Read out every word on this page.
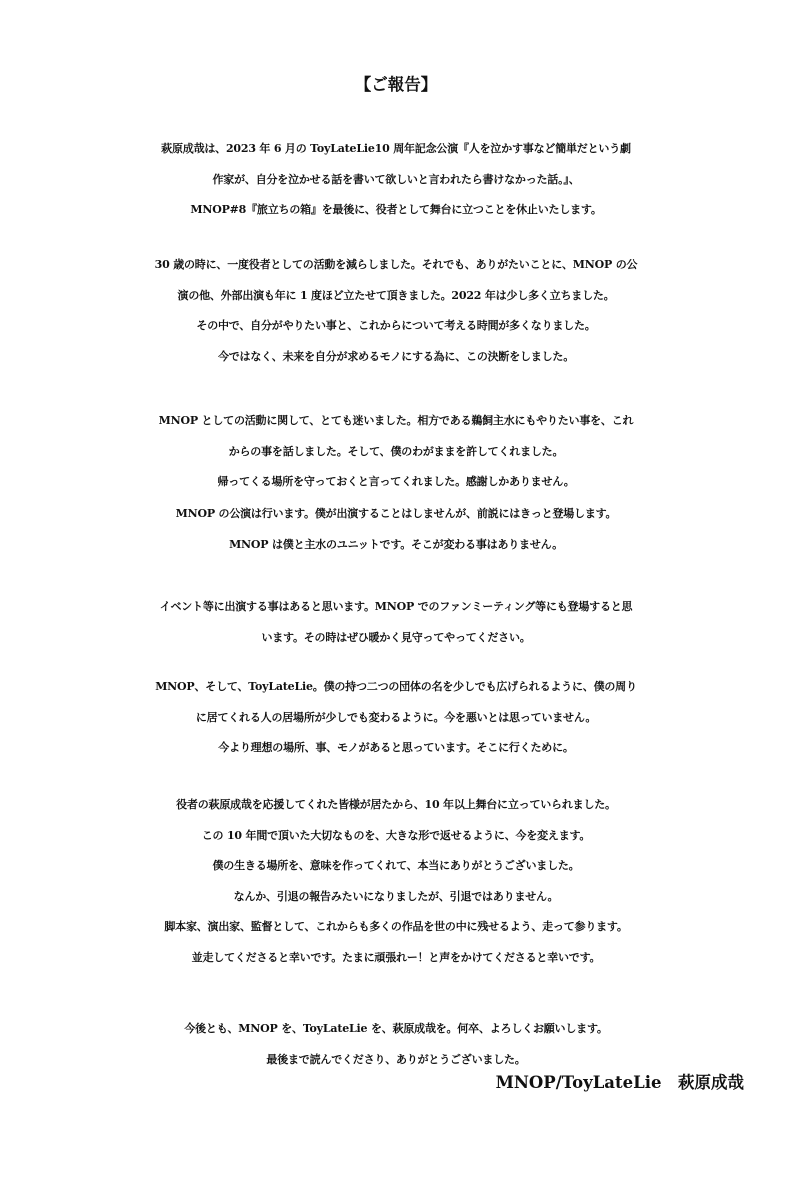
【ご報告】
萩原成哉は、2023 年 6 月の ToyLateLie10 周年記念公演『人を泣かす事など簡単だという劇
作家が、自分を泣かせる話を書いて欲しいと言われたら書けなかった話。』、
MNOP#8『旅立ちの箱』を最後に、役者として舞台に立つことを休止いたします。
30 歳の時に、一度役者としての活動を減らしました。それでも、ありがたいことに、MNOP の公
演の他、外部出演も年に 1 度ほど立たせて頂きました。2022 年は少し多く立ちました。
その中で、自分がやりたい事と、これからについて考える時間が多くなりました。
今ではなく、未来を自分が求めるモノにする為に、この決断をしました。
MNOP としての活動に関して、とても迷いました。相方である鵜飼主水にもやりたい事を、これ
からの事を話しました。そして、僕のわがままを許してくれました。
帰ってくる場所を守っておくと言ってくれました。感謝しかありません。
MNOP の公演は行います。僕が出演することはしませんが、前説にはきっと登場します。
MNOP は僕と主水のユニットです。そこが変わる事はありません。
イベント等に出演する事はあると思います。MNOP でのファンミーティング等にも登場すると思
います。その時はぜひ暖かく見守ってやってください。
MNOP、そして、ToyLateLie。僕の持つ二つの団体の名を少しでも広げられるように、僕の周り
に居てくれる人の居場所が少しでも変わるように。今を悪いとは思っていません。
今より理想の場所、事、モノがあると思っています。そこに行くために。
役者の萩原成哉を応援してくれた皆様が居たから、10 年以上舞台に立っていられました。
この 10 年間で頂いた大切なものを、大きな形で返せるように、今を変えます。
僕の生きる場所を、意味を作ってくれて、本当にありがとうございました。
なんか、引退の報告みたいになりましたが、引退ではありません。
脚本家、演出家、監督として、これからも多くの作品を世の中に残せるよう、走って参ります。
並走してくださると幸いです。たまに頑張れー！と声をかけてくださると幸いです。
今後とも、MNOP を、ToyLateLie を、萩原成哉を。何卒、よろしくお願いします。
最後まで読んでくださり、ありがとうございました。
MNOP/ToyLateLie　萩原成哉
